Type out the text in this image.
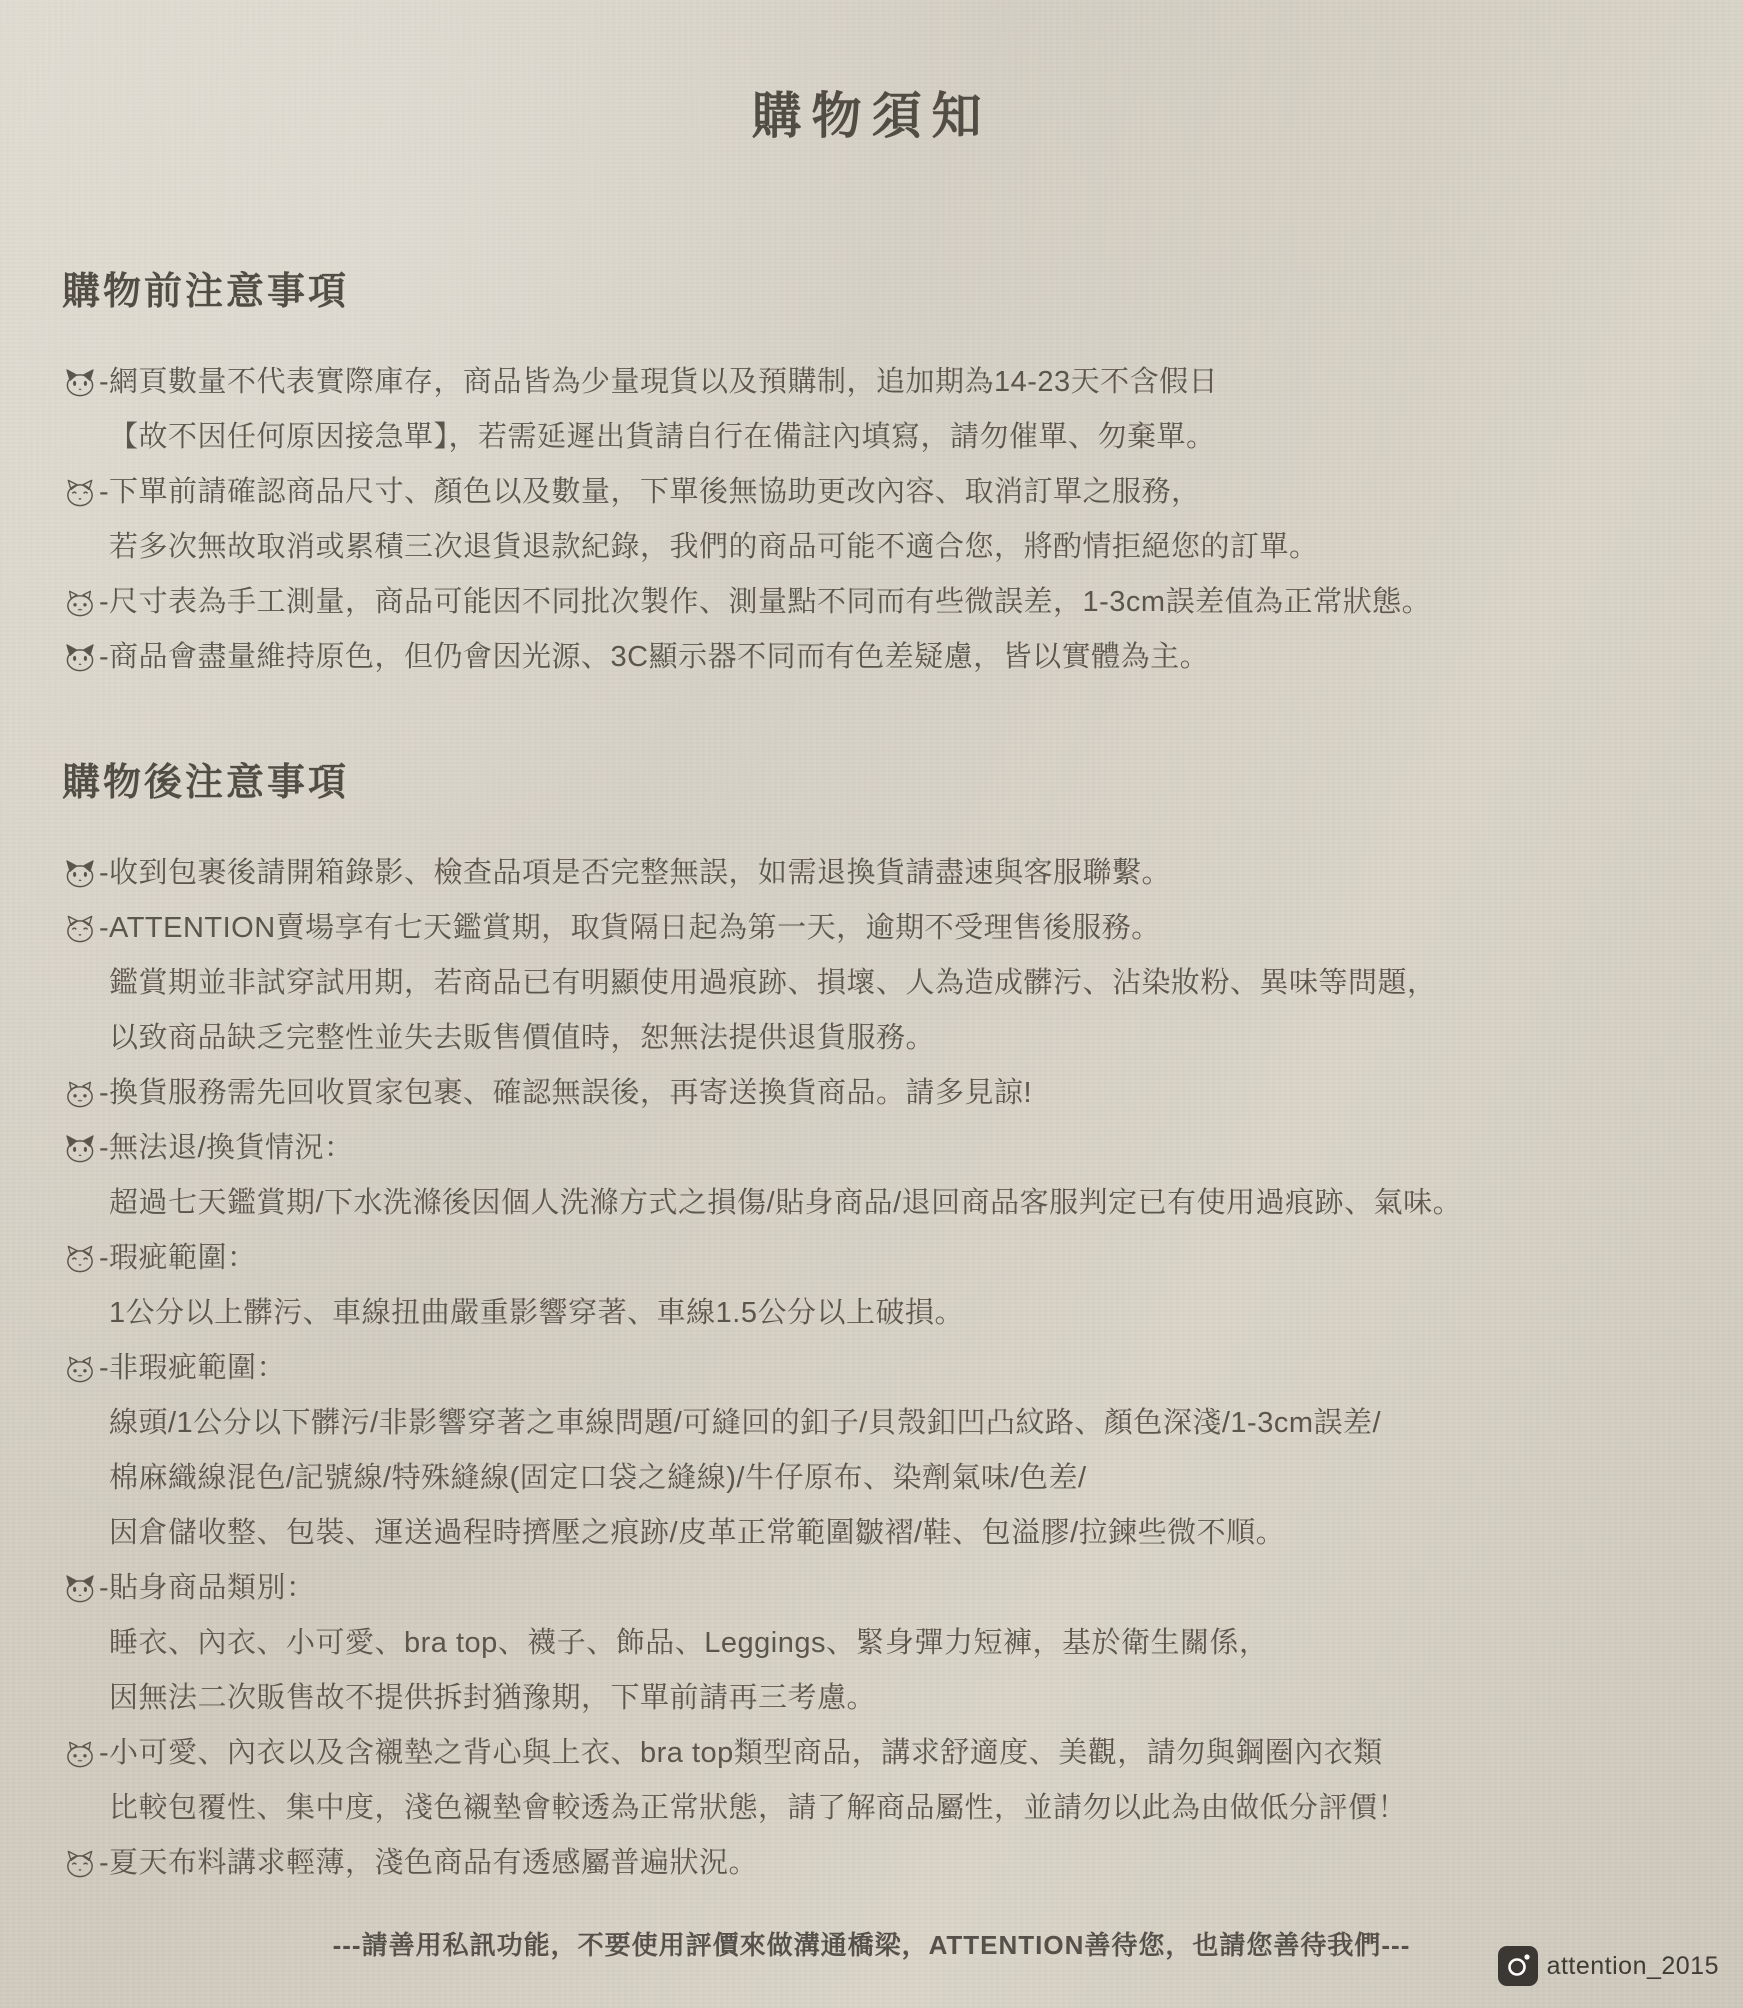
購物須知
購物前注意事項
- 網頁數量不代表實際庫存，商品皆為少量現貨以及預購制，追加期為14-23天不含假日
【故不因任何原因接急單】，若需延遲出貨請自行在備註內填寫，請勿催單、勿棄單。
- 下單前請確認商品尺寸、顏色以及數量，下單後無協助更改內容、取消訂單之服務，
若多次無故取消或累積三次退貨退款紀錄，我們的商品可能不適合您，將酌情拒絕您的訂單。
- 尺寸表為手工測量，商品可能因不同批次製作、測量點不同而有些微誤差，1-3cm誤差值為正常狀態。
- 商品會盡量維持原色，但仍會因光源、3C顯示器不同而有色差疑慮，皆以實體為主。
購物後注意事項
- 收到包裹後請開箱錄影、檢查品項是否完整無誤，如需退換貨請盡速與客服聯繫。
- ATTENTION賣場享有七天鑑賞期，取貨隔日起為第一天，逾期不受理售後服務。
鑑賞期並非試穿試用期，若商品已有明顯使用過痕跡、損壞、人為造成髒污、沾染妝粉、異味等問題，
以致商品缺乏完整性並失去販售價值時，恕無法提供退貨服務。
- 換貨服務需先回收買家包裹、確認無誤後，再寄送換貨商品。請多見諒!
- 無法退/換貨情況：
超過七天鑑賞期/下水洗滌後因個人洗滌方式之損傷/貼身商品/退回商品客服判定已有使用過痕跡、氣味。
- 瑕疵範圍：
1公分以上髒污、車線扭曲嚴重影響穿著、車線1.5公分以上破損。
- 非瑕疵範圍：
線頭/1公分以下髒污/非影響穿著之車線問題/可縫回的釦子/貝殼釦凹凸紋路、顏色深淺/1-3cm誤差/
棉麻織線混色/記號線/特殊縫線(固定口袋之縫線)/牛仔原布、染劑氣味/色差/
因倉儲收整、包裝、運送過程時擠壓之痕跡/皮革正常範圍皺褶/鞋、包溢膠/拉鍊些微不順。
- 貼身商品類別：
睡衣、內衣、小可愛、bra top、襪子、飾品、Leggings、緊身彈力短褲，基於衛生關係，
因無法二次販售故不提供拆封猶豫期，下單前請再三考慮。
- 小可愛、內衣以及含襯墊之背心與上衣、bra top類型商品，講求舒適度、美觀，請勿與鋼圈內衣類
比較包覆性、集中度，淺色襯墊會較透為正常狀態，請了解商品屬性，並請勿以此為由做低分評價！
- 夏天布料講求輕薄，淺色商品有透感屬普遍狀況。
---請善用私訊功能，不要使用評價來做溝通橋梁，ATTENTION善待您，也請您善待我們---
attention_2015
